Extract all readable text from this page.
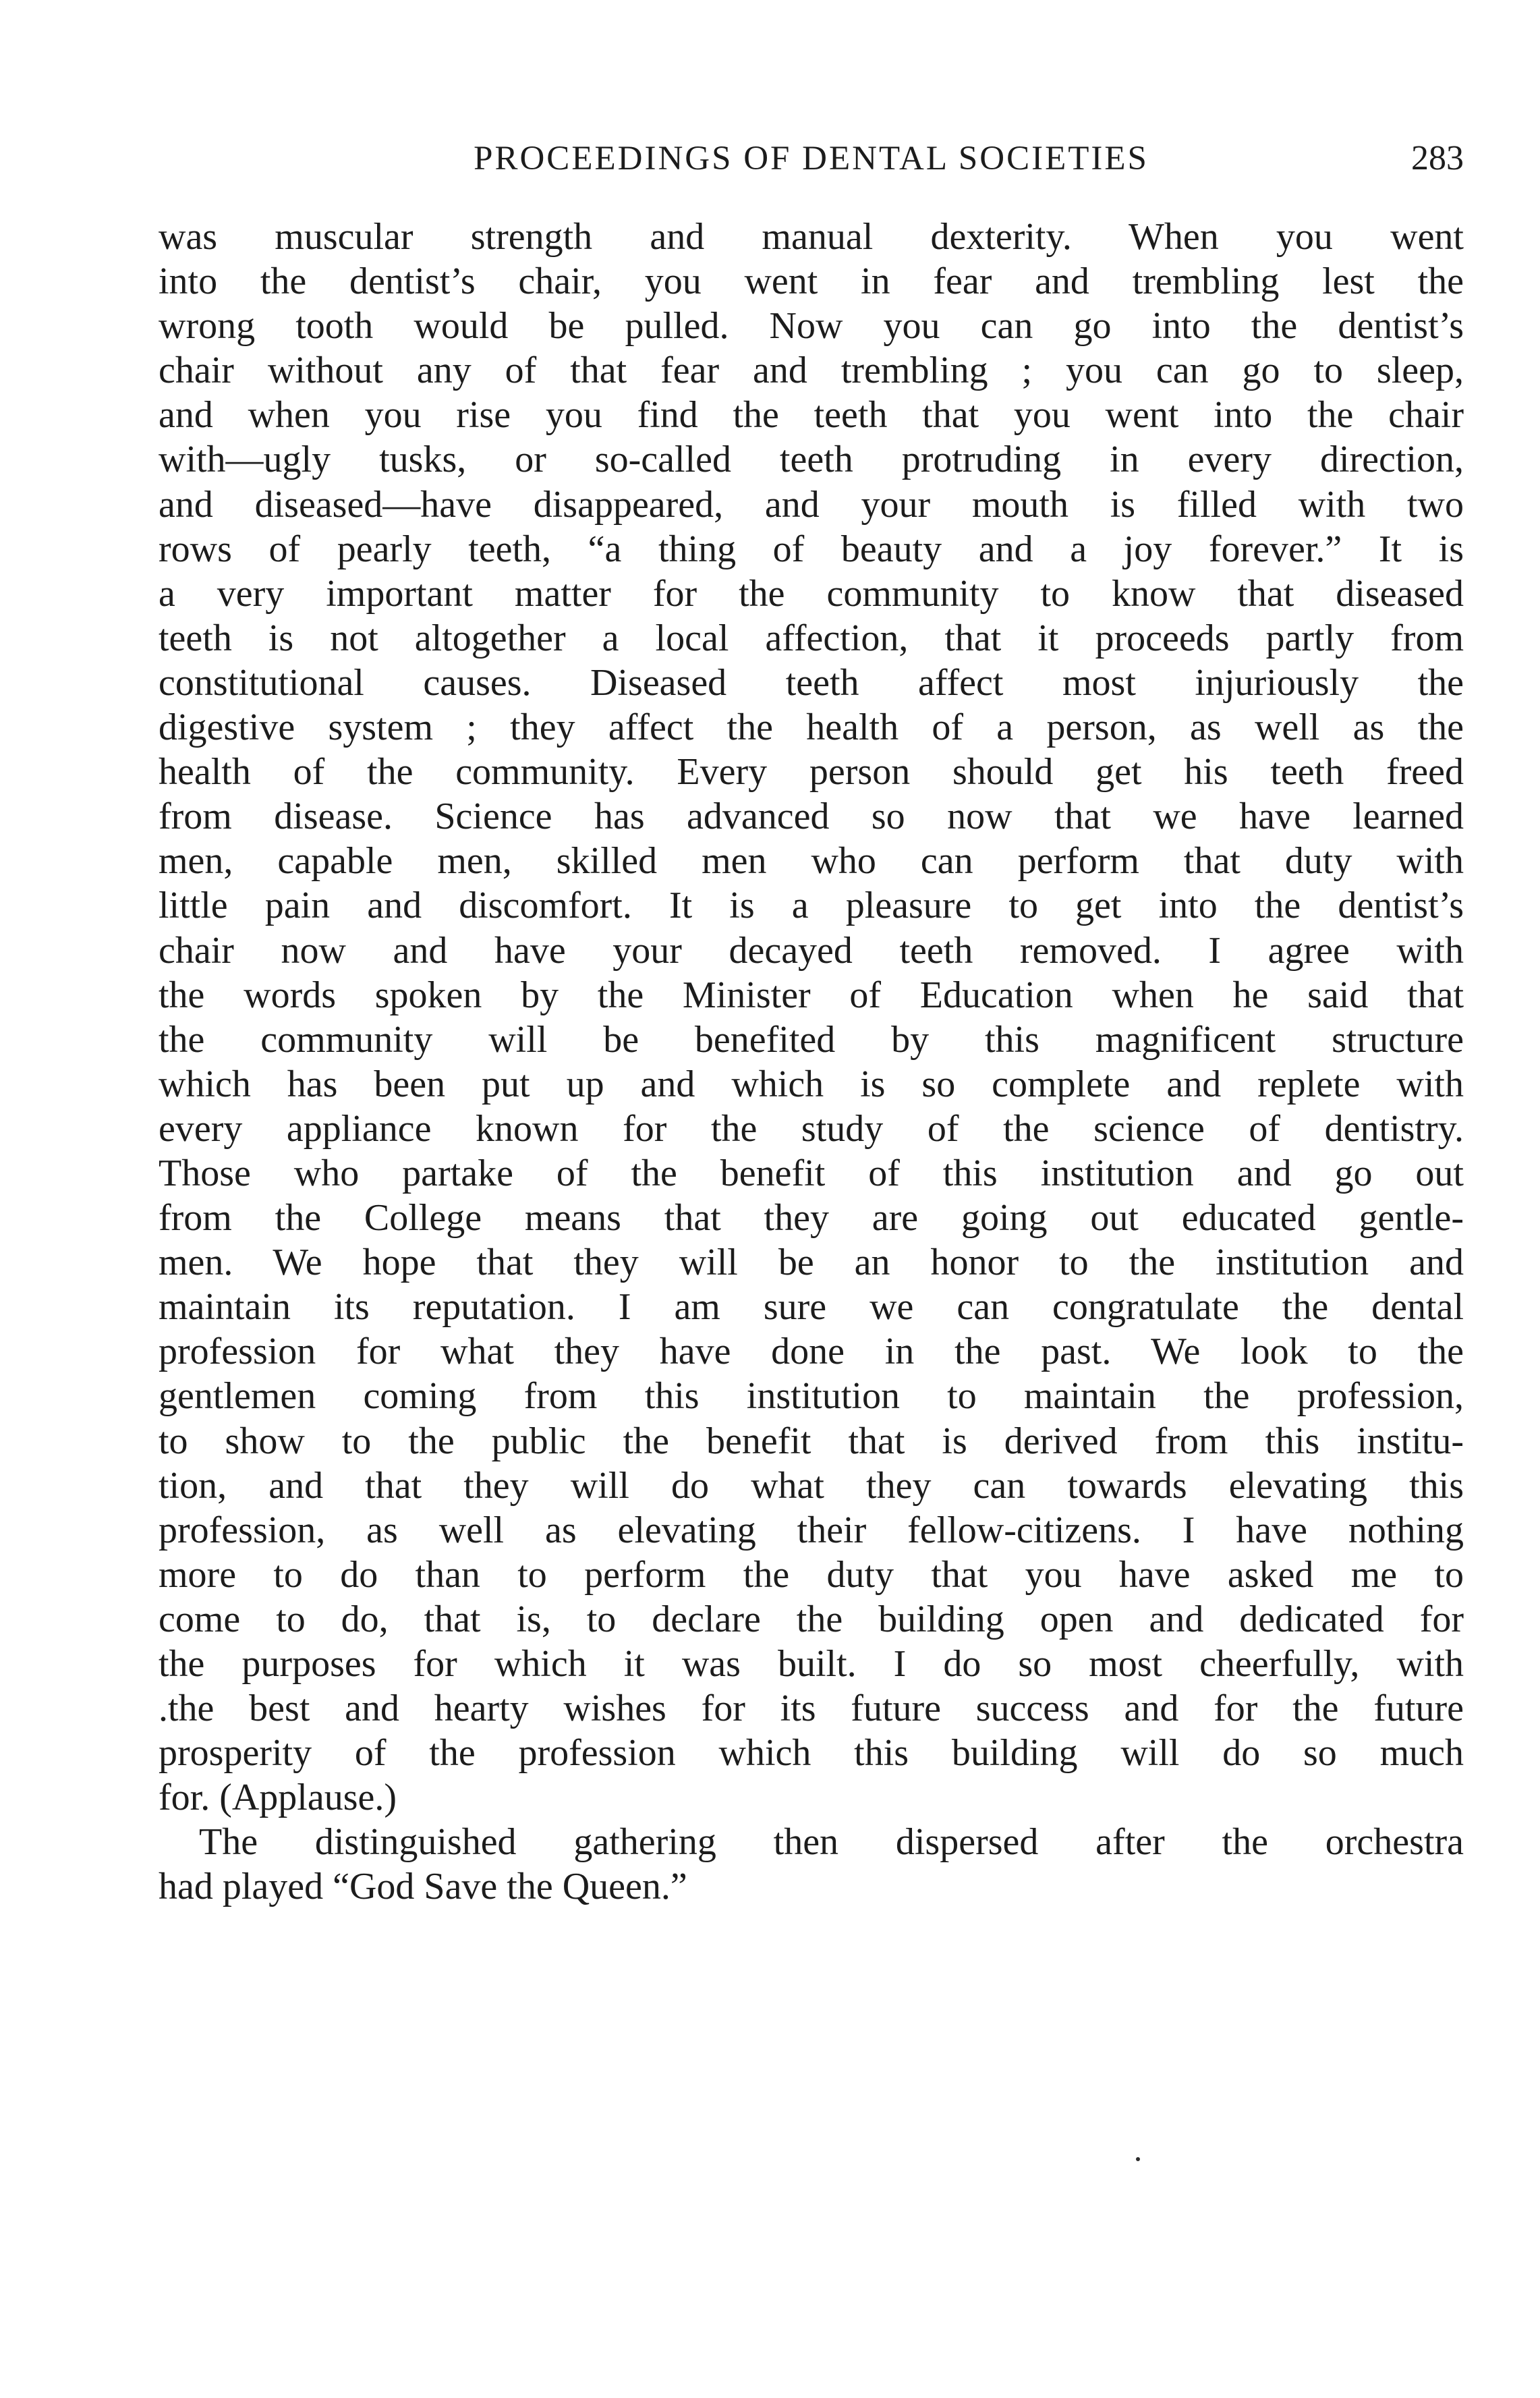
PROCEEDINGS OF DENTAL SOCIETIES	283
was muscular strength and manual dexterity. When you went
into the dentist’s chair, you went in fear and trembling lest the
wrong tooth would be pulled. Now you can go into the dentist’s
chair without any of that fear and trembling ; you can go to sleep,
and when you rise you find the teeth that you went into the chair
with—ugly tusks, or so-called teeth protruding in every direction,
and diseased—have disappeared, and your mouth is filled with two
rows of pearly teeth, “a thing of beauty and a joy forever.” It is
a very important matter for the community to know that diseased
teeth is not altogether a local affection, that it proceeds partly from
constitutional causes. Diseased teeth affect most injuriously the
digestive system ; they affect the health of a person, as well as the
health of the community. Every person should get his teeth freed
from disease. Science has advanced so now that we have learned
men, capable men, skilled men who can perform that duty with
little pain and discomfort. It is a pleasure to get into the dentist’s
chair now and have your decayed teeth removed. I agree with
the words spoken by the Minister of Education when he said that
the community will be benefited by this magnificent structure
which has been put up and which is so complete and replete with
every appliance known for the study of the science of dentistry.
Those who partake of the benefit of this institution and go out
from the College means that they are going out educated gentle-
men. We hope that they will be an honor to the institution and
maintain its reputation. I am sure we can congratulate the dental
profession for what they have done in the past. We look to the
gentlemen coming from this institution to maintain the profession,
to show to the public the benefit that is derived from this institu-
tion, and that they will do what they can towards elevating this
profession, as well as elevating their fellow-citizens. I have nothing
more to do than to perform the duty that you have asked me to
come to do, that is, to declare the building open and dedicated for
the purposes for which it was built. I do so most cheerfully, with
.the best and hearty wishes for its future success and for the future
prosperity of the profession which this building will do so much
for. (Applause.)
The distinguished gathering then dispersed after the orchestra
had played “God Save the Queen.”
